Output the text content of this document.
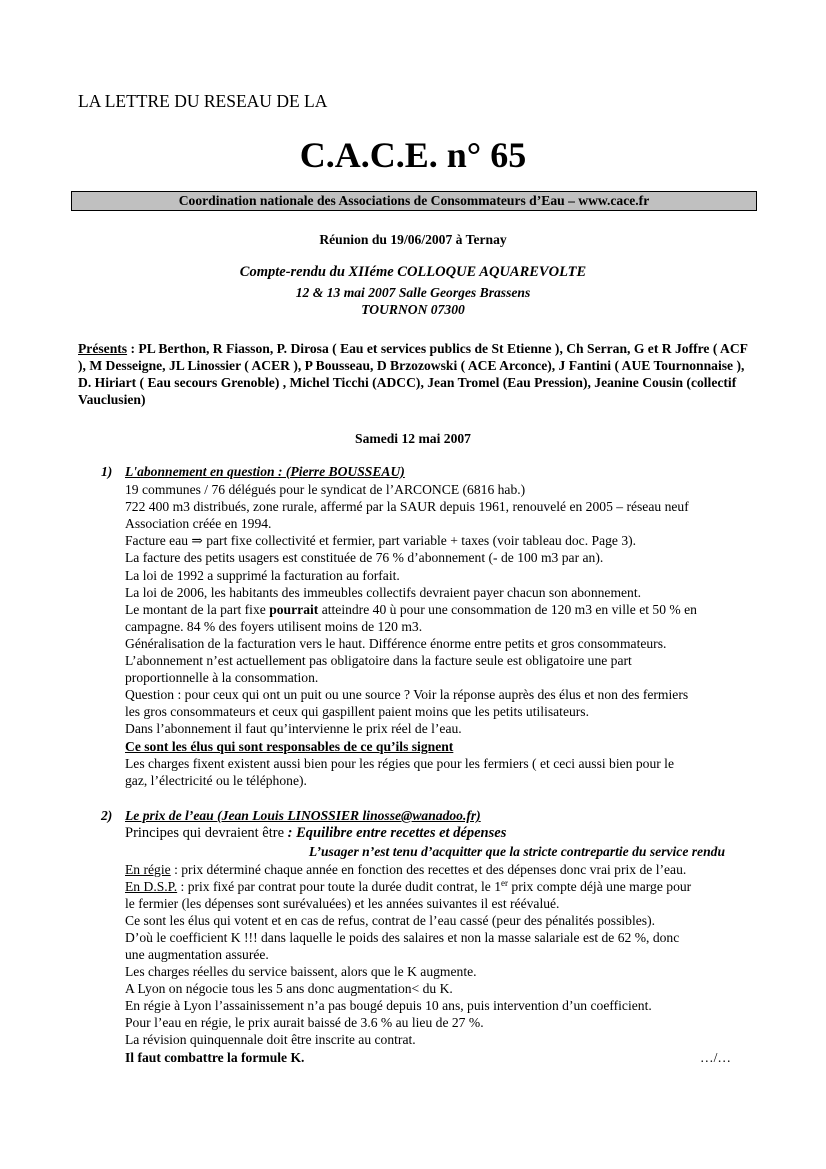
LA LETTRE DU RESEAU DE LA
C.A.C.E. n° 65
Coordination nationale des Associations de Consommateurs d’Eau – www.cace.fr
Réunion du 19/06/2007 à Ternay
Compte-rendu du XIIéme COLLOQUE AQUAREVOLTE
12 & 13 mai 2007 Salle Georges Brassens
TOURNON 07300
Présents : PL Berthon, R Fiasson, P. Dirosa ( Eau et services publics de St Etienne ), Ch Serran, G et R Joffre ( ACF ), M Desseigne, JL Linossier ( ACER ), P Bousseau, D Brzozowski ( ACE Arconce), J Fantini ( AUE Tournonnaise ), D. Hiriart ( Eau secours Grenoble) , Michel Ticchi (ADCC), Jean Tromel (Eau Pression), Jeanine Cousin (collectif Vauclusien)
Samedi 12 mai 2007
1) L'abonnement en question : (Pierre BOUSSEAU)
19 communes / 76 délégués pour le syndicat de l’ARCONCE (6816 hab.)
722 400 m3 distribués, zone rurale, affermé par la SAUR depuis 1961, renouvelé en 2005 – réseau neuf
Association créée en 1994.
Facture eau ⇒ part fixe collectivité et fermier, part variable + taxes (voir tableau doc. Page 3).
La facture des petits usagers est constituée de 76 % d’abonnement (- de 100 m3 par an).
La loi de 1992 a supprimé la facturation au forfait.
La loi de 2006, les habitants des immeubles collectifs devraient payer chacun son abonnement.
Le montant de la part fixe pourrait atteindre 40 ù pour une consommation de 120 m3 en ville et 50 % en
campagne. 84 % des foyers utilisent moins de 120 m3.
Généralisation de la facturation vers le haut. Différence énorme entre petits et gros consommateurs.
L’abonnement n’est actuellement pas obligatoire dans la facture seule est obligatoire une part
proportionnelle à la consommation.
Question : pour ceux qui ont un puit ou une source ? Voir la réponse auprès des élus et non des fermiers
les gros consommateurs et ceux qui gaspillent paient moins que les petits utilisateurs.
Dans l’abonnement il faut qu’intervienne le prix réel de l’eau.
Ce sont les élus qui sont responsables de ce qu’ils signent
Les charges fixent existent aussi bien pour les régies que pour les fermiers ( et ceci aussi bien pour le
gaz, l’électricité ou le téléphone).
2) Le prix de l’eau (Jean Louis LINOSSIER linosse@wanadoo.fr)
Principes qui devraient être : Equilibre entre recettes et dépenses
L’usager n’est tenu d’acquitter que la stricte contrepartie du service rendu
En régie : prix déterminé chaque année en fonction des recettes et des dépenses donc vrai prix de l’eau.
En D.S.P. : prix fixé par contrat pour toute la durée dudit contrat, le 1er prix compte déjà une marge pour
le fermier (les dépenses sont surévaluées) et les années suivantes il est réévalué.
Ce sont les élus qui votent et en cas de refus, contrat de l’eau cassé (peur des pénalités possibles).
D’où le coefficient K !!! dans laquelle le poids des salaires et non la masse salariale est de 62 %, donc
une augmentation assurée.
Les charges réelles du service baissent, alors que le K augmente.
A Lyon on négocie tous les 5 ans donc augmentation< du K.
En régie à Lyon l’assainissement n’a pas bougé depuis 10 ans, puis intervention d’un coefficient.
Pour l’eau en régie, le prix aurait baissé de 3.6 % au lieu de 27 %.
La révision quinquennale doit être inscrite au contrat.
Il faut combattre la formule K.	…/…
